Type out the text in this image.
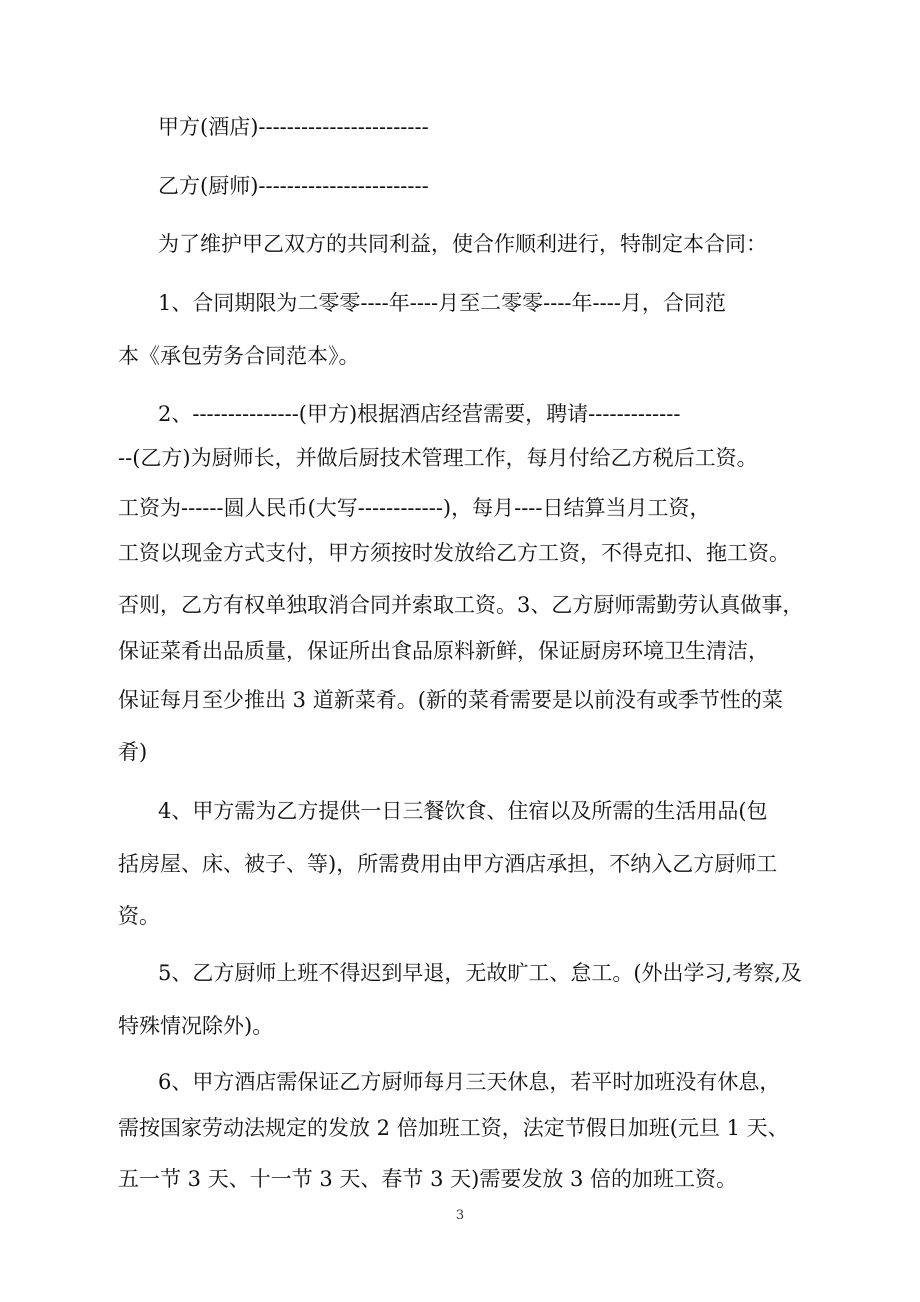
甲方(酒店)------------------------
乙方(厨师)------------------------
为了维护甲乙双方的共同利益，使合作顺利进行，特制定本合同：
1、合同期限为二零零----年----月至二零零----年----月，合同范
本《承包劳务合同范本》。
2、---------------(甲方)根据酒店经营需要，聘请-------------
--(乙方)为厨师长，并做后厨技术管理工作，每月付给乙方税后工资。
工资为------圆人民币(大写------------)，每月----日结算当月工资，
工资以现金方式支付，甲方须按时发放给乙方工资，不得克扣、拖工资。
否则，乙方有权单独取消合同并索取工资。3、乙方厨师需勤劳认真做事，
保证菜肴出品质量，保证所出食品原料新鲜，保证厨房环境卫生清洁，
保证每月至少推出 3 道新菜肴。(新的菜肴需要是以前没有或季节性的菜
肴)
4、甲方需为乙方提供一日三餐饮食、住宿以及所需的生活用品(包
括房屋、床、被子、等)，所需费用由甲方酒店承担，不纳入乙方厨师工
资。
5、乙方厨师上班不得迟到早退，无故旷工、怠工。(外出学习,考察,及
特殊情况除外)。
6、甲方酒店需保证乙方厨师每月三天休息，若平时加班没有休息，
需按国家劳动法规定的发放 2 倍加班工资，法定节假日加班(元旦 1 天、
五一节 3 天、十一节 3 天、春节 3 天)需要发放 3 倍的加班工资。
3
